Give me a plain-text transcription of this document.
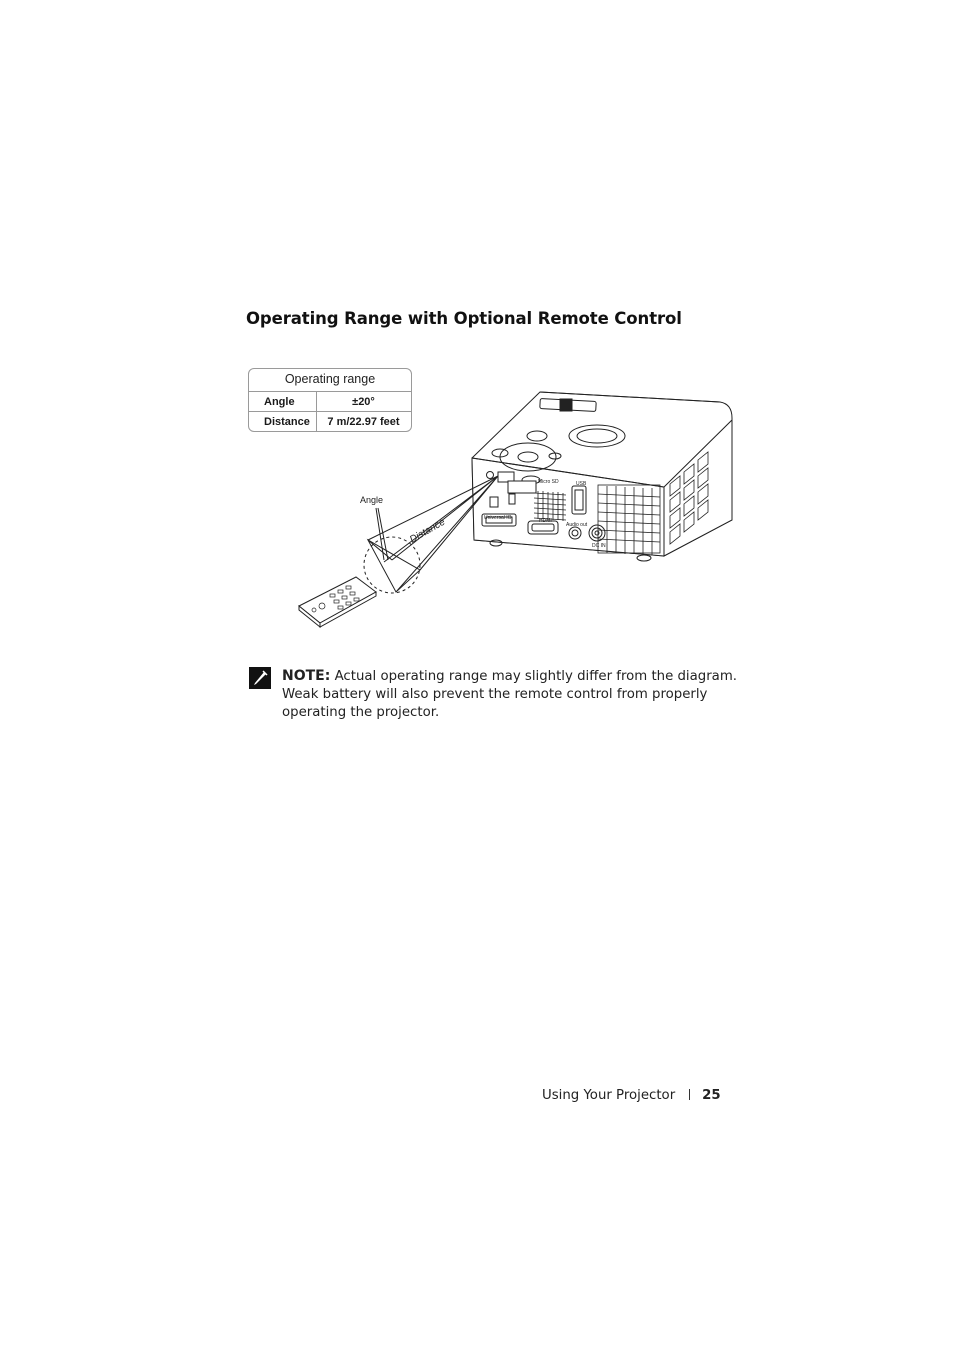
Operating Range with Optional Remote Control
Operating range
Angle	±20°
Distance	7 m/22.97 feet
Angle
Distance
Micro SD	USB
Universal IO	HDMI
Audio out
DC IN
NOTE: Actual operating range may slightly differ from the diagram. Weak battery will also prevent the remote control from properly operating the projector.
Using Your Projector 25
